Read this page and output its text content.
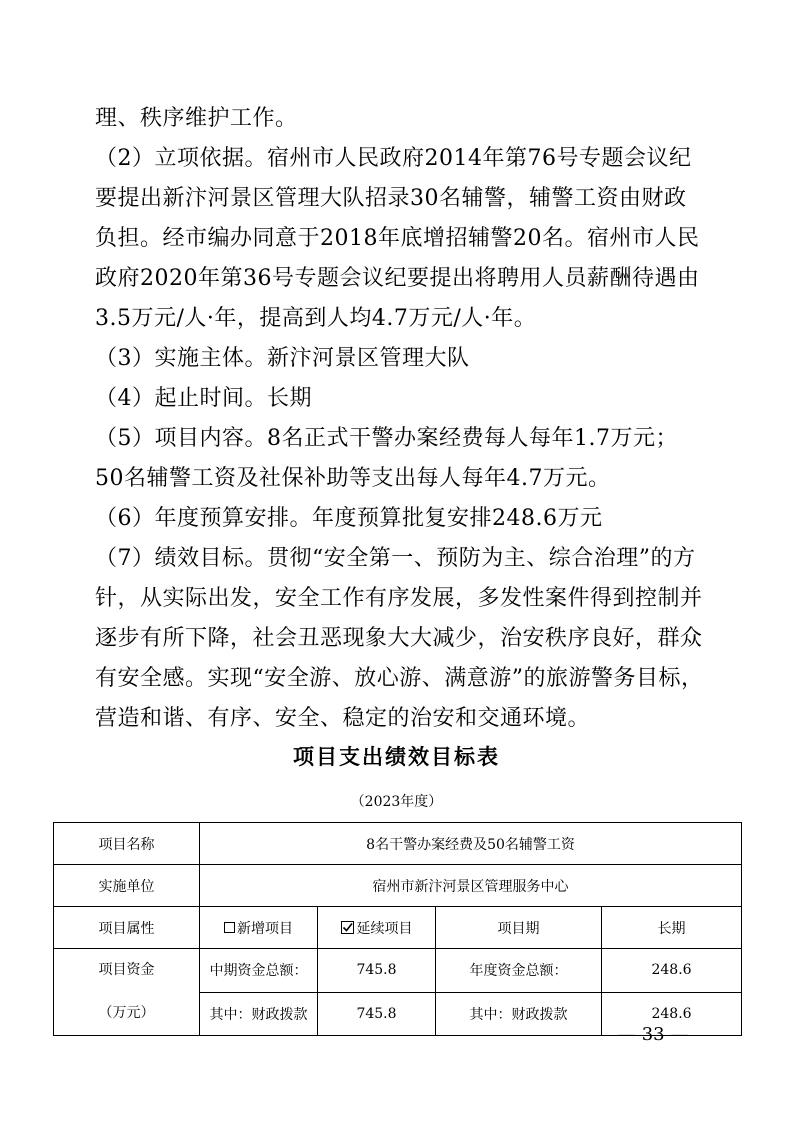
理、秩序维护工作。

（2）立项依据。宿州市人民政府2014年第76号专题会议纪要提出新汴河景区管理大队招录30名辅警，辅警工资由财政负担。经市编办同意于2018年底增招辅警20名。宿州市人民政府2020年第36号专题会议纪要提出将聘用人员薪酬待遇由3.5万元/人·年，提高到人均4.7万元/人·年。

（3）实施主体。新汴河景区管理大队

（4）起止时间。长期

（5）项目内容。8名正式干警办案经费每人每年1.7万元；50名辅警工资及社保补助等支出每人每年4.7万元。

（6）年度预算安排。年度预算批复安排248.6万元

（7）绩效目标。贯彻“安全第一、预防为主、综合治理”的方针，从实际出发，安全工作有序发展，多发性案件得到控制并逐步有所下降，社会丑恶现象大大减少，治安秩序良好，群众有安全感。实现“安全游、放心游、满意游”的旅游警务目标，营造和谐、有序、安全、稳定的治安和交通环境。

项目支出绩效目标表

（2023年度）

项目名称	8名干警办案经费及50名辅警工资			
实施单位	宿州市新汴河景区管理服务中心			
项目属性	新增项目	延续项目	项目期	长期

项目资金
（万元）	中期资金总额：	745.8	年度资金总额：	248.6
	其中：财政拨款	745.8	其中：财政拨款	248.6

— 33 —
